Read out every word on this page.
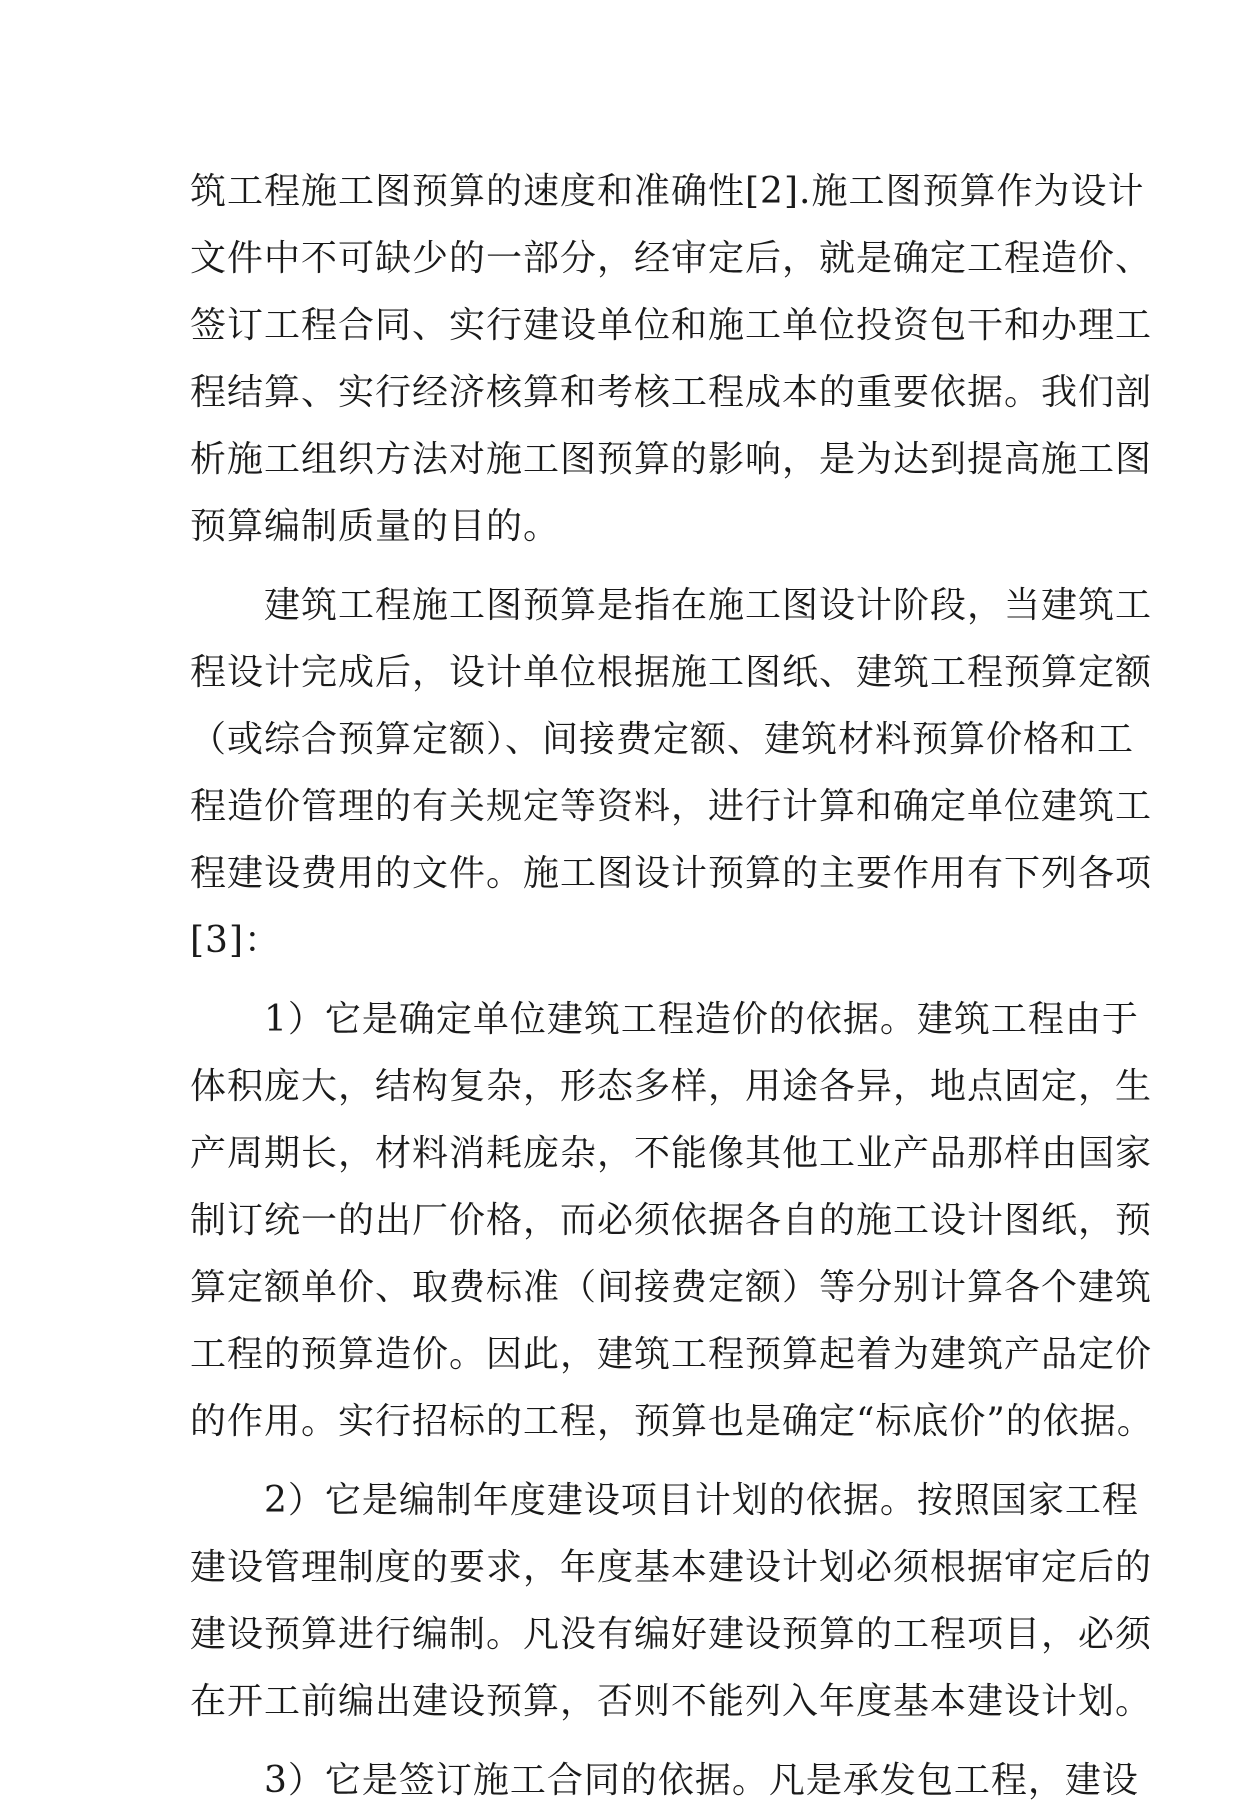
筑工程施工图预算的速度和准确性[2].施工图预算作为设计
文件中不可缺少的一部分，经审定后，就是确定工程造价、
签订工程合同、实行建设单位和施工单位投资包干和办理工
程结算、实行经济核算和考核工程成本的重要依据。我们剖
析施工组织方法对施工图预算的影响，是为达到提高施工图
预算编制质量的目的。
　　建筑工程施工图预算是指在施工图设计阶段，当建筑工
程设计完成后，设计单位根据施工图纸、建筑工程预算定额
（或综合预算定额）、间接费定额、建筑材料预算价格和工
程造价管理的有关规定等资料，进行计算和确定单位建筑工
程建设费用的文件。施工图设计预算的主要作用有下列各项
[3]：
　　1）它是确定单位建筑工程造价的依据。建筑工程由于
体积庞大，结构复杂，形态多样，用途各异，地点固定，生
产周期长，材料消耗庞杂，不能像其他工业产品那样由国家
制订统一的出厂价格，而必须依据各自的施工设计图纸，预
算定额单价、取费标准（间接费定额）等分别计算各个建筑
工程的预算造价。因此，建筑工程预算起着为建筑产品定价
的作用。实行招标的工程，预算也是确定“标底价”的依据。
　　2）它是编制年度建设项目计划的依据。按照国家工程
建设管理制度的要求，年度基本建设计划必须根据审定后的
建设预算进行编制。凡没有编好建设预算的工程项目，必须
在开工前编出建设预算，否则不能列入年度基本建设计划。
　　3）它是签订施工合同的依据。凡是承发包工程，建设
